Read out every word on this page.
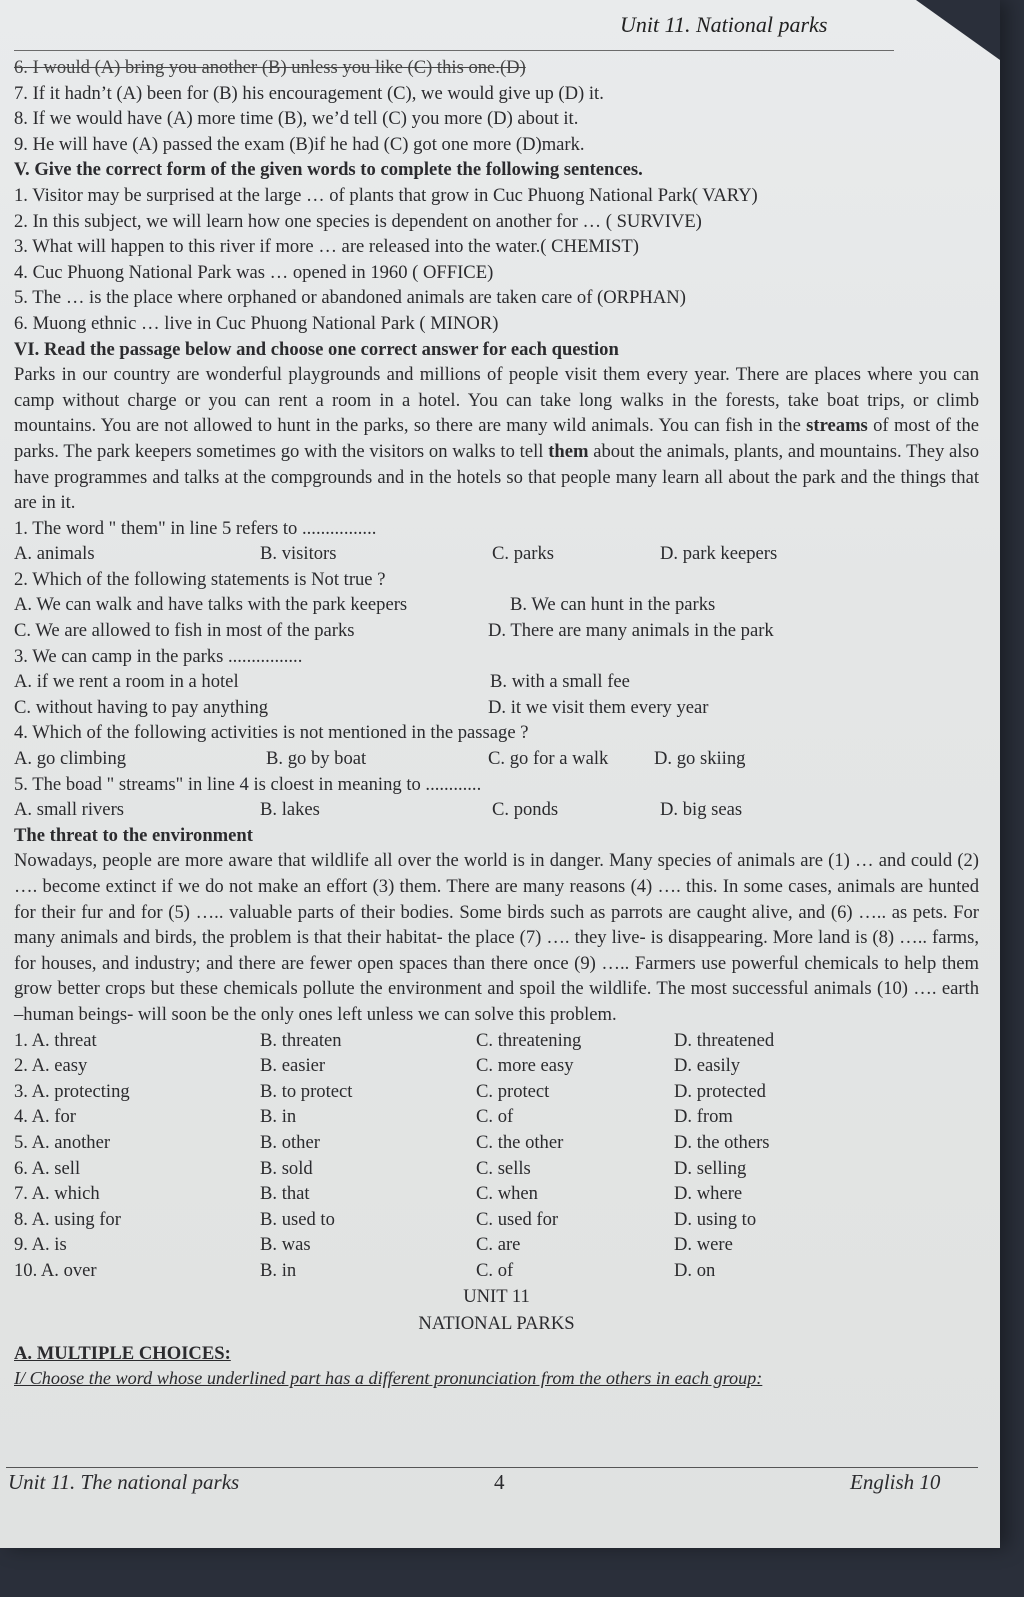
Unit 11. National parks
6. I would (A) bring you another (B) unless you like (C) this one.(D)
7. If it hadn’t (A) been for (B) his encouragement (C), we would give up (D) it.
8. If we would have (A) more time (B), we’d tell (C) you more (D) about it.
9. He will have (A) passed the exam (B)if he had (C) got one more (D)mark.
V. Give the correct form of the given words to complete the following sentences.
1. Visitor may be surprised at the large … of plants that grow in Cuc Phuong National Park( VARY)
2. In this subject, we will learn how one species is dependent on another for … ( SURVIVE)
3. What will happen to this river if more … are released into the water.( CHEMIST)
4. Cuc Phuong National Park was … opened in 1960 ( OFFICE)
5. The … is the place where orphaned or abandoned animals are taken care of (ORPHAN)
6. Muong ethnic … live in Cuc Phuong National Park ( MINOR)
VI. Read the passage below and choose one correct answer for each question
Parks in our country are wonderful playgrounds and millions of people visit them every year. There are places where you can camp without charge or you can rent a room in a hotel. You can take long walks in the forests, take boat trips, or climb mountains. You are not allowed to hunt in the parks, so there are many wild animals. You can fish in the streams of most of the parks. The park keepers sometimes go with the visitors on walks to tell them about the animals, plants, and mountains. They also have programmes and talks at the compgrounds and in the hotels so that people many learn all about the park and the things that are in it.
1. The word " them" in line 5 refers to ................
A. animals	B. visitors	C. parks	D. park keepers
2. Which of the following statements is Not true ?
A. We can walk and have talks with the park keepers	B. We can hunt in the parks
C. We are allowed to fish in most of the parks	D. There are many animals in the park
3. We can camp in the parks ................
A. if we rent a room in a hotel	B. with a small fee
C. without having to pay anything	D. it we visit them every year
4. Which of the following activities is not mentioned in the passage ?
A. go climbing	B. go by boat	C. go for a walk	D. go skiing
5. The boad " streams" in line 4 is cloest in meaning to ............
A. small rivers	B. lakes	C. ponds	D. big seas
The threat to the environment
Nowadays, people are more aware that wildlife all over the world is in danger. Many species of animals are (1) … and could (2) …. become extinct if we do not make an effort (3) them. There are many reasons (4) …. this. In some cases, animals are hunted for their fur and for (5) ….. valuable parts of their bodies. Some birds such as parrots are caught alive, and (6) ….. as pets. For many animals and birds, the problem is that their habitat- the place (7) …. they live- is disappearing. More land is (8) ….. farms, for houses, and industry; and there are fewer open spaces than there once (9) ….. Farmers use powerful chemicals to help them grow better crops but these chemicals pollute the environment and spoil the wildlife. The most successful animals (10) …. earth –human beings- will soon be the only ones left unless we can solve this problem.
1. A. threat	B. threaten	C. threatening	D. threatened
2. A. easy	B. easier	C. more easy	D. easily
3. A. protecting	B. to protect	C. protect	D. protected
4. A. for	B. in	C. of	D. from
5. A. another	B. other	C. the other	D. the others
6. A. sell	B. sold	C. sells	D. selling
7. A. which	B. that	C. when	D. where
8. A. using for	B. used to	C. used for	D. using to
9. A. is	B. was	C. are	D. were
10. A. over	B. in	C. of	D. on
UNIT 11
NATIONAL PARKS
A. MULTIPLE CHOICES:
I/ Choose the word whose underlined part has a different pronunciation from the others in each group:
Unit 11. The national parks	4	English 10
